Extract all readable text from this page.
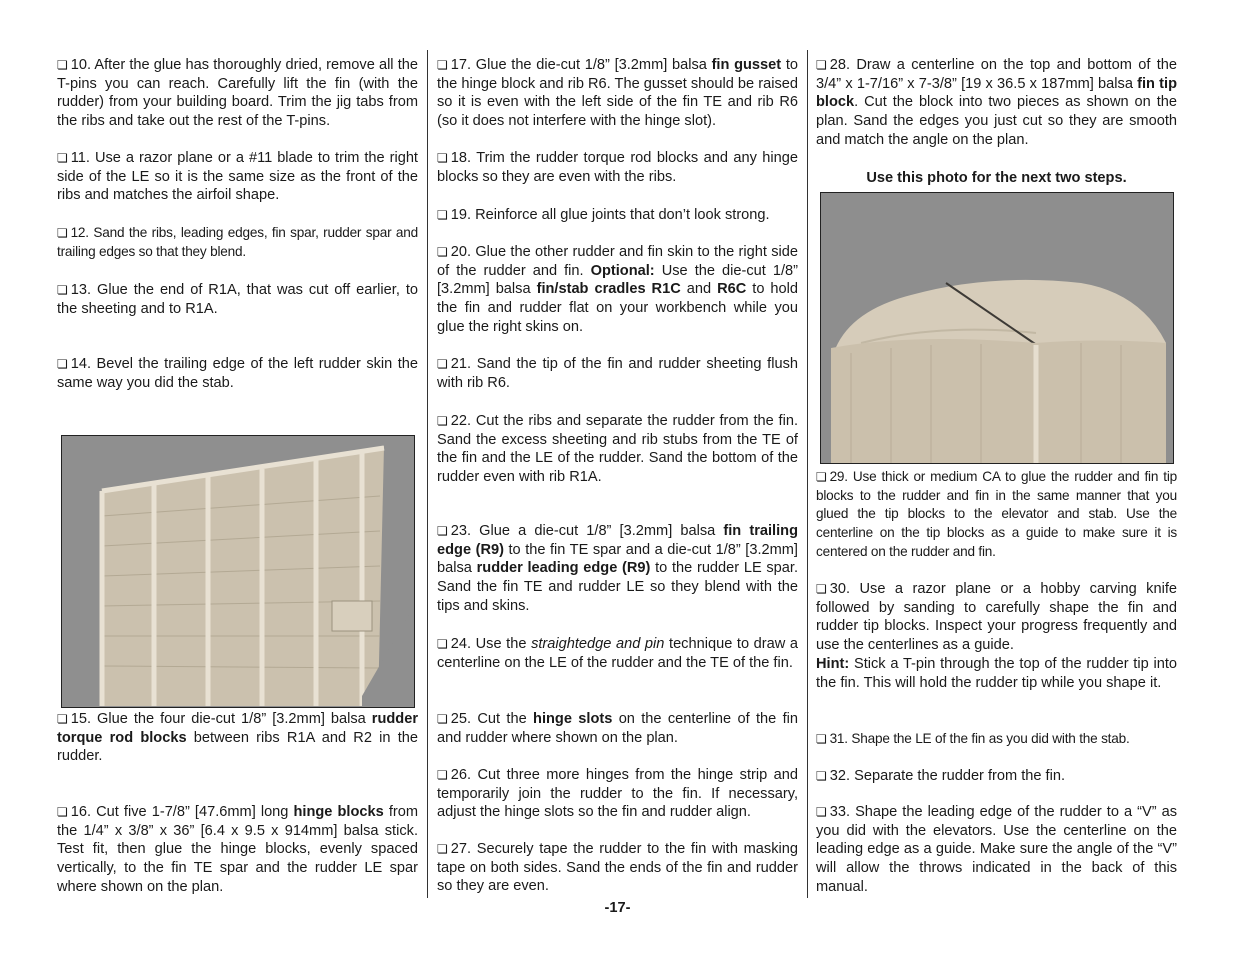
❏ 10. After the glue has thoroughly dried, remove all the T-pins you can reach. Carefully lift the fin (with the rudder) from your building board. Trim the jig tabs from the ribs and take out the rest of the T-pins.

❏ 11. Use a razor plane or a #11 blade to trim the right side of the LE so it is the same size as the front of the ribs and matches the airfoil shape.

❏ 12. Sand the ribs, leading edges, fin spar, rudder spar and trailing edges so that they blend.

❏ 13. Glue the end of R1A, that was cut off earlier, to the sheeting and to R1A.

❏ 14. Bevel the trailing edge of the left rudder skin the same way you did the stab.

❏ 15. Glue the four die-cut 1/8” [3.2mm] balsa rudder torque rod blocks between ribs R1A and R2 in the rudder.

❏ 16. Cut five 1-7/8” [47.6mm] long hinge blocks from the 1/4” x 3/8” x 36” [6.4 x 9.5 x 914mm] balsa stick. Test fit, then glue the hinge blocks, evenly spaced vertically, to the fin TE spar and the rudder LE spar where shown on the plan.

❏ 17. Glue the die-cut 1/8” [3.2mm] balsa fin gusset to the hinge block and rib R6. The gusset should be raised so it is even with the left side of the fin TE and rib R6 (so it does not interfere with the hinge slot).

❏ 18. Trim the rudder torque rod blocks and any hinge blocks so they are even with the ribs.

❏ 19. Reinforce all glue joints that don’t look strong.

❏ 20. Glue the other rudder and fin skin to the right side of the rudder and fin. Optional: Use the die-cut 1/8” [3.2mm] balsa fin/stab cradles R1C and R6C to hold the fin and rudder flat on your workbench while you glue the right skins on.

❏ 21. Sand the tip of the fin and rudder sheeting flush with rib R6.

❏ 22. Cut the ribs and separate the rudder from the fin. Sand the excess sheeting and rib stubs from the TE of the fin and the LE of the rudder. Sand the bottom of the rudder even with rib R1A.

❏ 23. Glue a die-cut 1/8” [3.2mm] balsa fin trailing edge (R9) to the fin TE spar and a die-cut 1/8” [3.2mm] balsa rudder leading edge (R9) to the rudder LE spar. Sand the fin TE and rudder LE so they blend with the tips and skins.

❏ 24. Use the straightedge and pin technique to draw a centerline on the LE of the rudder and the TE of the fin.

❏ 25. Cut the hinge slots on the centerline of the fin and rudder where shown on the plan.

❏ 26. Cut three more hinges from the hinge strip and temporarily join the rudder to the fin. If necessary, adjust the hinge slots so the fin and rudder align.

❏ 27. Securely tape the rudder to the fin with masking tape on both sides. Sand the ends of the fin and rudder so they are even.

❏ 28. Draw a centerline on the top and bottom of the 3/4” x 1-7/16” x 7-3/8” [19 x 36.5 x 187mm] balsa fin tip block. Cut the block into two pieces as shown on the plan. Sand the edges you just cut so they are smooth and match the angle on the plan.

Use this photo for the next two steps.

❏ 29. Use thick or medium CA to glue the rudder and fin tip blocks to the rudder and fin in the same manner that you glued the tip blocks to the elevator and stab. Use the centerline on the tip blocks as a guide to make sure it is centered on the rudder and fin.

❏ 30. Use a razor plane or a hobby carving knife followed by sanding to carefully shape the fin and rudder tip blocks. Inspect your progress frequently and use the centerlines as a guide.
Hint: Stick a T-pin through the top of the rudder tip into the fin. This will hold the rudder tip while you shape it.

❏ 31. Shape the LE of the fin as you did with the stab.

❏ 32. Separate the rudder from the fin.

❏ 33. Shape the leading edge of the rudder to a “V” as you did with the elevators. Use the centerline on the leading edge as a guide. Make sure the angle of the “V” will allow the throws indicated in the back of this manual.

-17-
